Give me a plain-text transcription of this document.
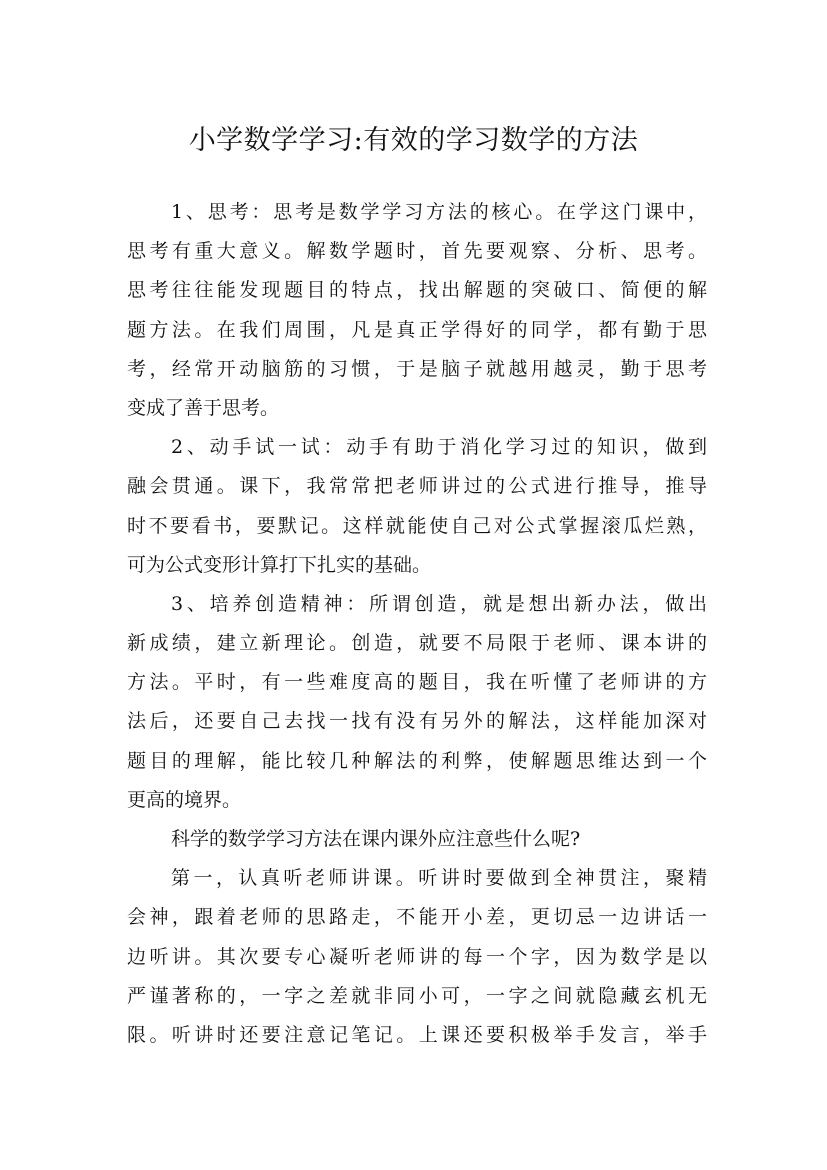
小学数学学习:有效的学习数学的方法
1、思考：思考是数学学习方法的核心。在学这门课中，
思考有重大意义。解数学题时，首先要观察、分析、思考。
思考往往能发现题目的特点，找出解题的突破口、简便的解
题方法。在我们周围，凡是真正学得好的同学，都有勤于思
考，经常开动脑筋的习惯，于是脑子就越用越灵，勤于思考
变成了善于思考。
2、动手试一试：动手有助于消化学习过的知识，做到
融会贯通。课下，我常常把老师讲过的公式进行推导，推导
时不要看书，要默记。这样就能使自己对公式掌握滚瓜烂熟，
可为公式变形计算打下扎实的基础。
3、培养创造精神：所谓创造，就是想出新办法，做出
新成绩，建立新理论。创造，就要不局限于老师、课本讲的
方法。平时，有一些难度高的题目，我在听懂了老师讲的方
法后，还要自己去找一找有没有另外的解法，这样能加深对
题目的理解，能比较几种解法的利弊，使解题思维达到一个
更高的境界。
科学的数学学习方法在课内课外应注意些什么呢?
第一，认真听老师讲课。听讲时要做到全神贯注，聚精
会神，跟着老师的思路走，不能开小差，更切忌一边讲话一
边听讲。其次要专心凝听老师讲的每一个字，因为数学是以
严谨著称的，一字之差就非同小可，一字之间就隐藏玄机无
限。听讲时还要注意记笔记。上课还要积极举手发言，举手
